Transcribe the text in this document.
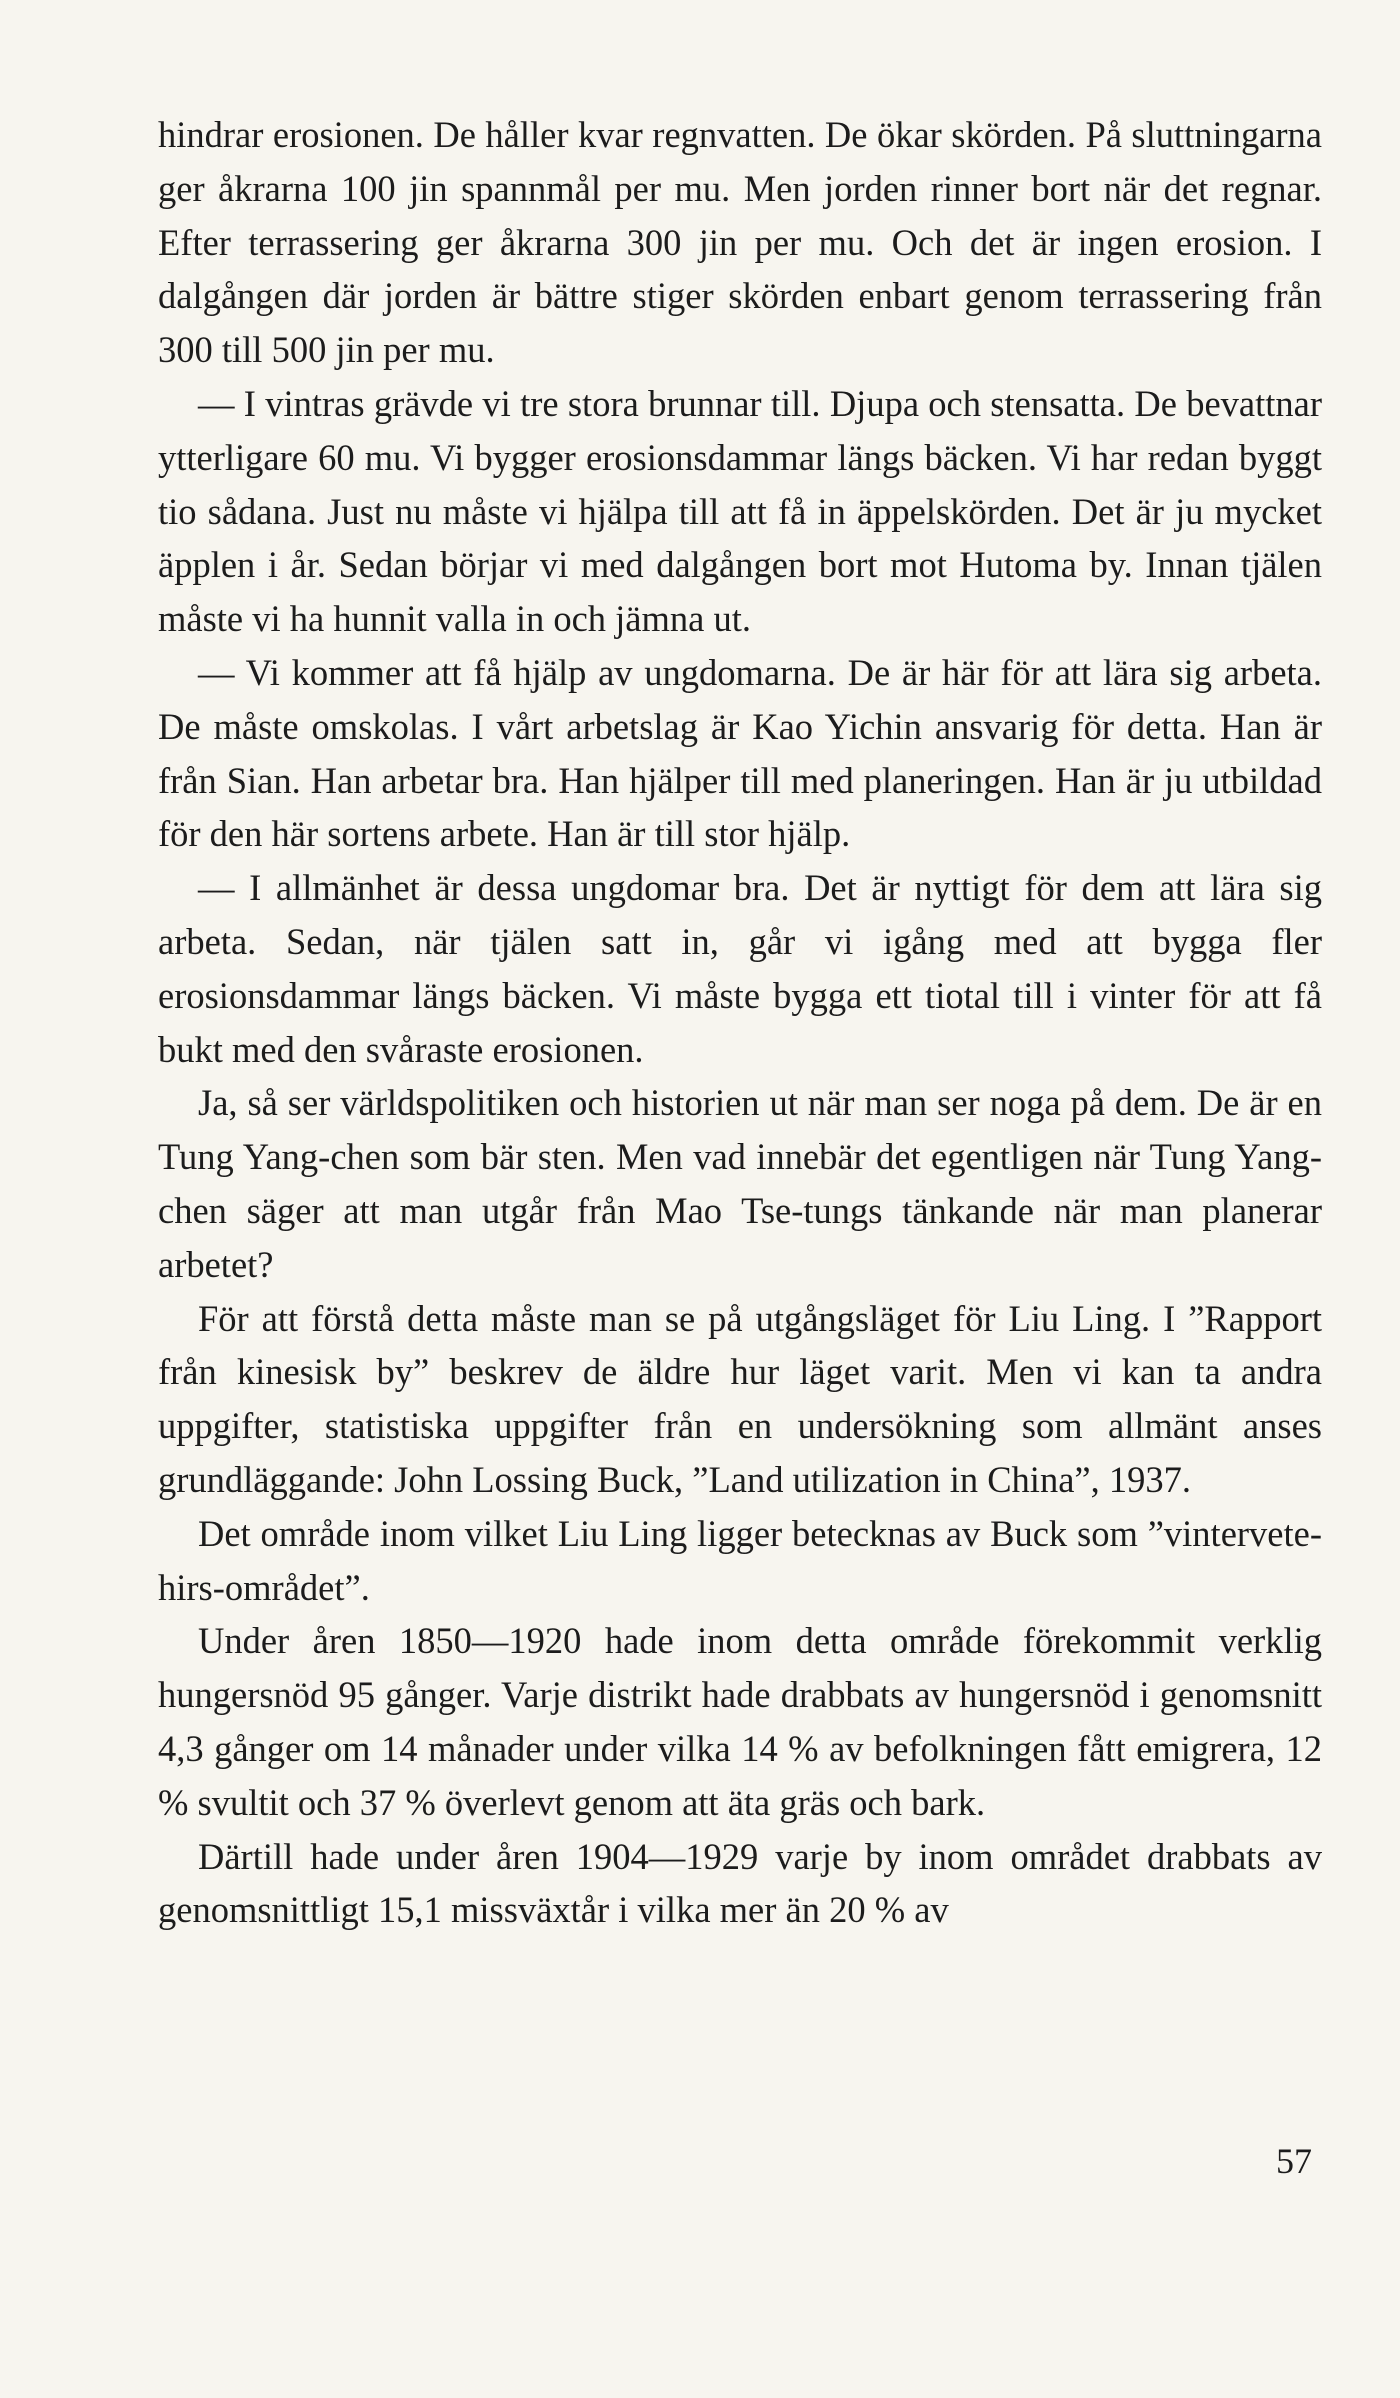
hindrar erosionen. De håller kvar regnvatten. De ökar skörden. På sluttningarna ger åkrarna 100 jin spannmål per mu. Men jorden rinner bort när det regnar. Efter terrassering ger åkrarna 300 jin per mu. Och det är ingen erosion. I dalgången där jorden är bättre stiger skörden enbart genom terrassering från 300 till 500 jin per mu.

— I vintras grävde vi tre stora brunnar till. Djupa och stensatta. De bevattnar ytterligare 60 mu. Vi bygger erosionsdammar längs bäcken. Vi har redan byggt tio sådana. Just nu måste vi hjälpa till att få in äppelskörden. Det är ju mycket äpplen i år. Sedan börjar vi med dalgången bort mot Hutoma by. Innan tjälen måste vi ha hunnit valla in och jämna ut.

— Vi kommer att få hjälp av ungdomarna. De är här för att lära sig arbeta. De måste omskolas. I vårt arbetslag är Kao Yichin ansvarig för detta. Han är från Sian. Han arbetar bra. Han hjälper till med planeringen. Han är ju utbildad för den här sortens arbete. Han är till stor hjälp.

— I allmänhet är dessa ungdomar bra. Det är nyttigt för dem att lära sig arbeta. Sedan, när tjälen satt in, går vi igång med att bygga fler erosionsdammar längs bäcken. Vi måste bygga ett tiotal till i vinter för att få bukt med den svåraste erosionen.

Ja, så ser världspolitiken och historien ut när man ser noga på dem. De är en Tung Yang-chen som bär sten. Men vad innebär det egentligen när Tung Yang-chen säger att man utgår från Mao Tse-tungs tänkande när man planerar arbetet?

För att förstå detta måste man se på utgångsläget för Liu Ling. I ”Rapport från kinesisk by” beskrev de äldre hur läget varit. Men vi kan ta andra uppgifter, statistiska uppgifter från en undersökning som allmänt anses grundläggande: John Lossing Buck, ”Land utilization in China”, 1937.

Det område inom vilket Liu Ling ligger betecknas av Buck som ”vintervete-hirs-området”.

Under åren 1850—1920 hade inom detta område förekommit verklig hungersnöd 95 gånger. Varje distrikt hade drabbats av hungersnöd i genomsnitt 4,3 gånger om 14 månader under vilka 14 % av befolkningen fått emigrera, 12 % svultit och 37 % överlevt genom att äta gräs och bark.

Därtill hade under åren 1904—1929 varje by inom området drabbats av genomsnittligt 15,1 missväxtår i vilka mer än 20 % av

57
